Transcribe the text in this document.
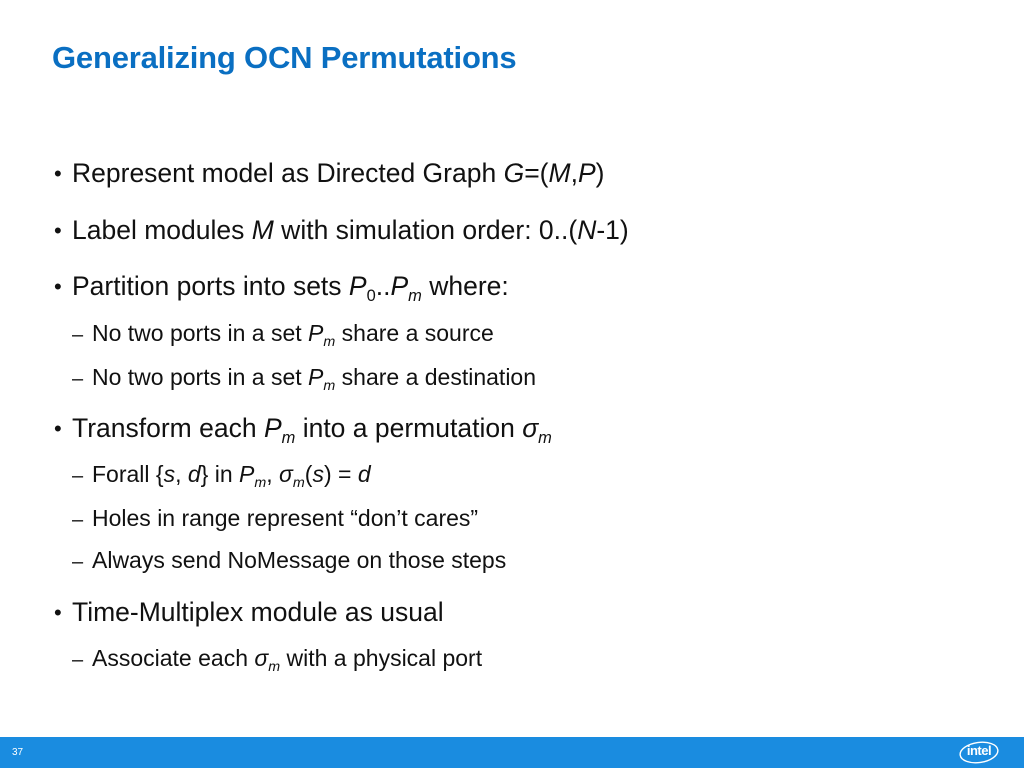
Generalizing OCN Permutations
• Represent model as Directed Graph G=(M,P)
• Label modules M with simulation order: 0..(N-1)
• Partition ports into sets $P_0..P_m$ where:
– No two ports in a set $P_m$ share a source
– No two ports in a set $P_m$ share a destination
• Transform each $P_m$ into a permutation $\sigma_m$
– Forall {s, d} in $P_m$, $\sigma_m(s) = d$
– Holes in range represent “don’t cares”
– Always send NoMessage on those steps
• Time-Multiplex module as usual
– Associate each $\sigma_m$ with a physical port
37	intel
